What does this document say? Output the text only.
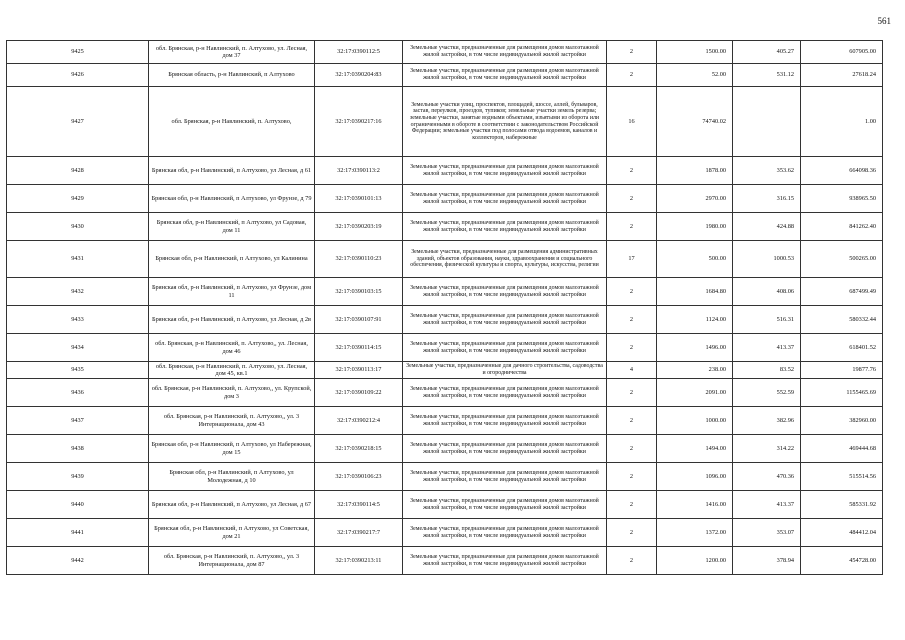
561
9425	обл. Брянская, р-н Навлинский, п. Алтухово, ул. Лесная, дом 37	32:17:0390112:5	Земельные участки, предназначенные для размещения домов малоэтажной жилой застройки, в том числе индивидуальной жилой застройки	2	1500.00	405.27	607905.00
9426	Брянская область, р-н Навлинский, п Алтухово	32:17:0390204:83	Земельные участки, предназначенные для размещения домов малоэтажной жилой застройки, в том числе индивидуальной жилой застройки	2	52.00	531.12	27618.24
9427	обл. Брянская, р-н Навлинский, п. Алтухово,	32:17:0390217:16	Земельные участки улиц, проспектов, площадей, шоссе, аллей, бульваров, застав, переулков, проездов, тупиков; земельные участки земель резерва; земельные участки, занятые водными объектами, изъятыми из оборота или ограниченными в обороте в соответствии с законодательством Российской Федерации; земельные участки под полосами отвода водоемов, каналов и коллекторов, набережные	16	74740.02		1.00
9428	Брянская обл, р-н Навлинский, п Алтухово, ул Лесная, д 61	32:17:0390113:2	Земельные участки, предназначенные для размещения домов малоэтажной жилой застройки, в том числе индивидуальной жилой застройки	2	1878.00	353.62	664098.36
9429	Брянская обл, р-н Навлинский, п Алтухово, ул Фрунзе, д 79	32:17:0390101:13	Земельные участки, предназначенные для размещения домов малоэтажной жилой застройки, в том числе индивидуальной жилой застройки	2	2970.00	316.15	938965.50
9430	Брянская обл, р-н Навлинский, п Алтухово, ул Садовая, дом 11	32:17:0390203:19	Земельные участки, предназначенные для размещения домов малоэтажной жилой застройки, в том числе индивидуальной жилой застройки	2	1980.00	424.88	841262.40
9431	Брянская обл, р-н Навлинский, п Алтухово, ул Калинина	32:17:0390110:23	Земельные участки, предназначенные для размещения административных зданий, объектов образования, науки, здравоохранения и социального обеспечения, физической культуры и спорта, культуры, искусства, религии	17	500.00	1000.53	500265.00
9432	Брянская обл, р-н Навлинский, п Алтухово, ул Фрунзе, дом 11	32:17:0390103:15	Земельные участки, предназначенные для размещения домов малоэтажной жилой застройки, в том числе индивидуальной жилой застройки	2	1684.80	408.06	687499.49
9433	Брянская обл, р-н Навлинский, п Алтухово, ул Лесная, д 2в	32:17:0390107:91	Земельные участки, предназначенные для размещения домов малоэтажной жилой застройки, в том числе индивидуальной жилой застройки	2	1124.00	516.31	580332.44
9434	обл. Брянская, р-н Навлинский, п. Алтухово,, ул. Лесная, дом 46	32:17:0390114:15	Земельные участки, предназначенные для размещения домов малоэтажной жилой застройки, в том числе индивидуальной жилой застройки	2	1496.00	413.37	618401.52
9435	обл. Брянская, р-н Навлинский, п. Алтухово, ул. Лесная, дом 45, кв.1	32:17:0390113:17	Земельные участки, предназначенные для дачного строительства, садоводства и огородничества	4	238.00	83.52	19877.76
9436	обл. Брянская, р-н Навлинский, п. Алтухово,, ул. Крупской, дом 3	32:17:0390109:22	Земельные участки, предназначенные для размещения домов малоэтажной жилой застройки, в том числе индивидуальной жилой застройки	2	2091.00	552.59	1155465.69
9437	обл. Брянская, р-н Навлинский, п. Алтухово,, ул. 3 Интернационала, дом 43	32:17:0390212:4	Земельные участки, предназначенные для размещения домов малоэтажной жилой застройки, в том числе индивидуальной жилой застройки	2	1000.00	382.96	382960.00
9438	Брянская обл, р-н Навлинский, п Алтухово, ул Набережная, дом 15	32:17:0390218:15	Земельные участки, предназначенные для размещения домов малоэтажной жилой застройки, в том числе индивидуальной жилой застройки	2	1494.00	314.22	469444.68
9439	Брянская обл, р-н Навлинский, п Алтухово, ул Молодежная, д 10	32:17:0390106:23	Земельные участки, предназначенные для размещения домов малоэтажной жилой застройки, в том числе индивидуальной жилой застройки	2	1096.00	470.36	515514.56
9440	Брянская обл, р-н Навлинский, п Алтухово, ул Лесная, д 67	32:17:0390114:5	Земельные участки, предназначенные для размещения домов малоэтажной жилой застройки, в том числе индивидуальной жилой застройки	2	1416.00	413.37	585331.92
9441	Брянская обл, р-н Навлинский, п Алтухово, ул Советская, дом 21	32:17:0390217:7	Земельные участки, предназначенные для размещения домов малоэтажной жилой застройки, в том числе индивидуальной жилой застройки	2	1372.00	353.07	484412.04
9442	обл. Брянская, р-н Навлинский, п. Алтухово,, ул. 3 Интернационала, дом 87	32:17:0390213:11	Земельные участки, предназначенные для размещения домов малоэтажной жилой застройки, в том числе индивидуальной жилой застройки	2	1200.00	378.94	454728.00
